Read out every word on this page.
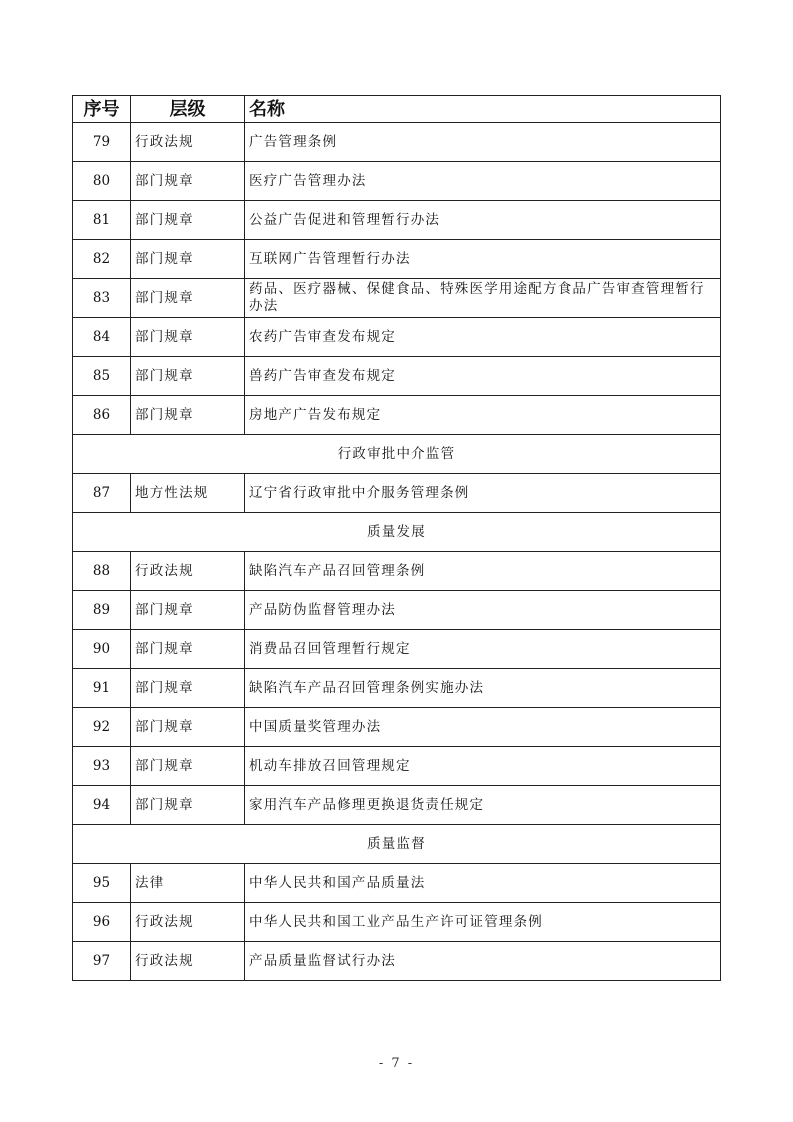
序号	层级	名称
79	行政法规	广告管理条例
80	部门规章	医疗广告管理办法
81	部门规章	公益广告促进和管理暂行办法
82	部门规章	互联网广告管理暂行办法
83	部门规章	药品、医疗器械、保健食品、特殊医学用途配方食品广告审查管理暂行办法
84	部门规章	农药广告审查发布规定
85	部门规章	兽药广告审查发布规定
86	部门规章	房地产广告发布规定
行政审批中介监管		
87	地方性法规	辽宁省行政审批中介服务管理条例
质量发展		
88	行政法规	缺陷汽车产品召回管理条例
89	部门规章	产品防伪监督管理办法
90	部门规章	消费品召回管理暂行规定
91	部门规章	缺陷汽车产品召回管理条例实施办法
92	部门规章	中国质量奖管理办法
93	部门规章	机动车排放召回管理规定
94	部门规章	家用汽车产品修理更换退货责任规定
质量监督		
95	法律	中华人民共和国产品质量法
96	行政法规	中华人民共和国工业产品生产许可证管理条例
97	行政法规	产品质量监督试行办法
- 7 -
